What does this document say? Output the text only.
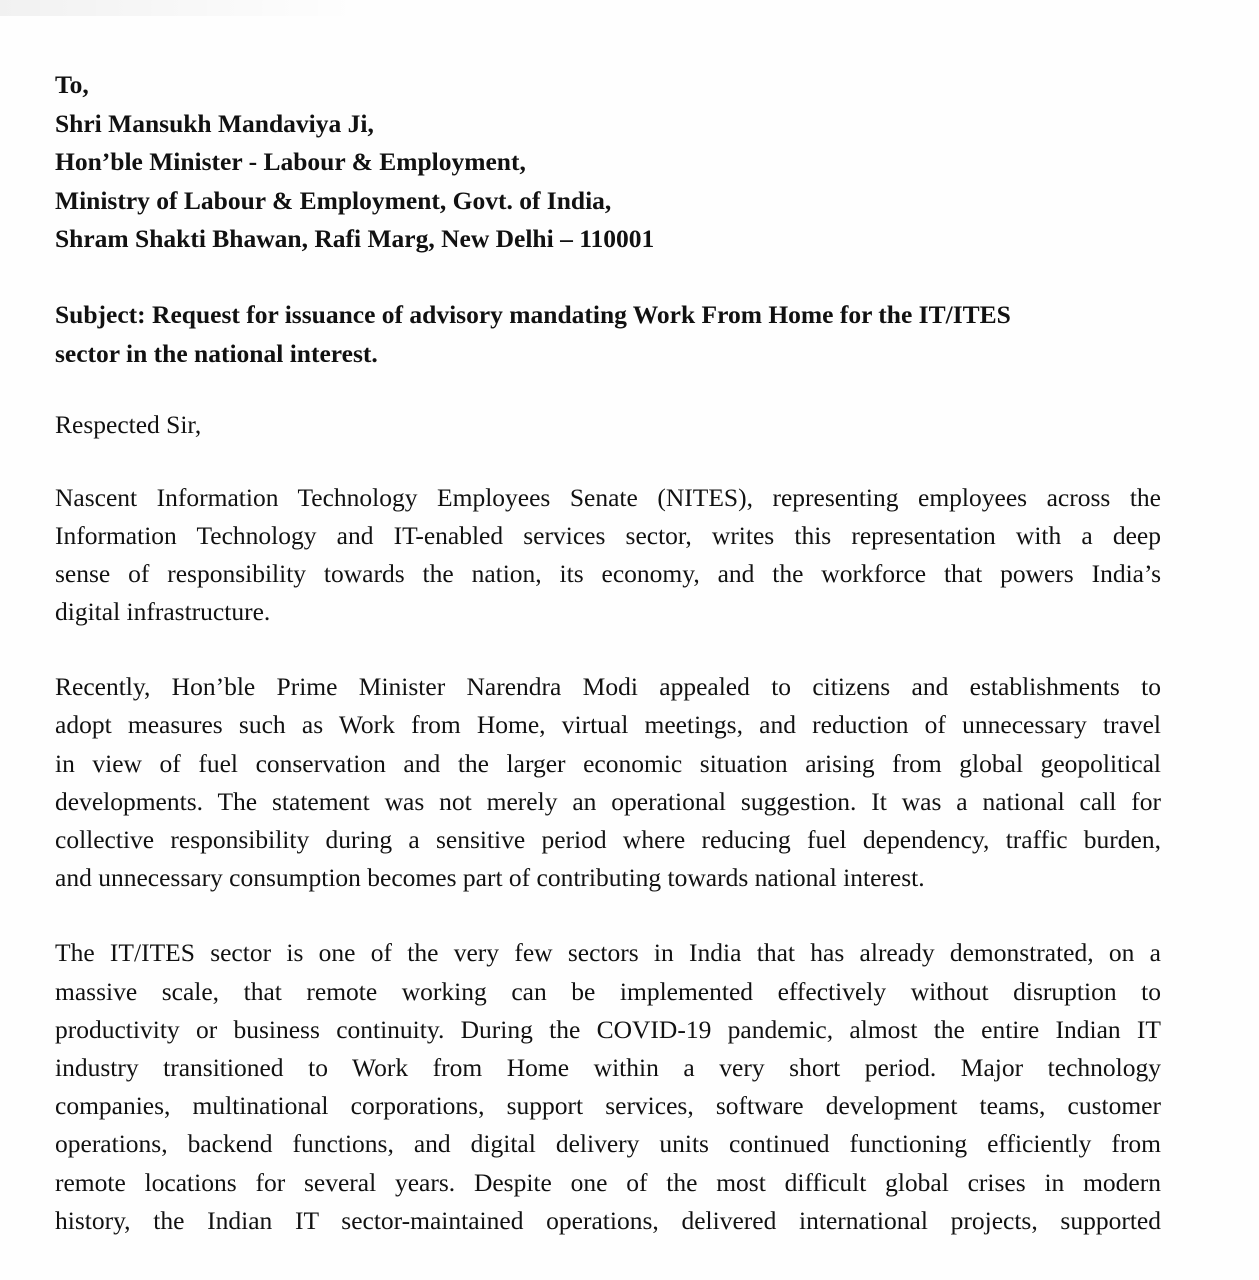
To,
Shri Mansukh Mandaviya Ji,
Hon’ble Minister - Labour & Employment,
Ministry of Labour & Employment, Govt. of India,
Shram Shakti Bhawan, Rafi Marg, New Delhi – 110001
Subject: Request for issuance of advisory mandating Work From Home for the IT/ITES
sector in the national interest.
Respected Sir,
Nascent Information Technology Employees Senate (NITES), representing employees across the
Information Technology and IT-enabled services sector, writes this representation with a deep
sense of responsibility towards the nation, its economy, and the workforce that powers India’s
digital infrastructure.
Recently, Hon’ble Prime Minister Narendra Modi appealed to citizens and establishments to
adopt measures such as Work from Home, virtual meetings, and reduction of unnecessary travel
in view of fuel conservation and the larger economic situation arising from global geopolitical
developments. The statement was not merely an operational suggestion. It was a national call for
collective responsibility during a sensitive period where reducing fuel dependency, traffic burden,
and unnecessary consumption becomes part of contributing towards national interest.
The IT/ITES sector is one of the very few sectors in India that has already demonstrated, on a
massive scale, that remote working can be implemented effectively without disruption to
productivity or business continuity. During the COVID-19 pandemic, almost the entire Indian IT
industry transitioned to Work from Home within a very short period. Major technology
companies, multinational corporations, support services, software development teams, customer
operations, backend functions, and digital delivery units continued functioning efficiently from
remote locations for several years. Despite one of the most difficult global crises in modern
history, the Indian IT sector-maintained operations, delivered international projects, supported
